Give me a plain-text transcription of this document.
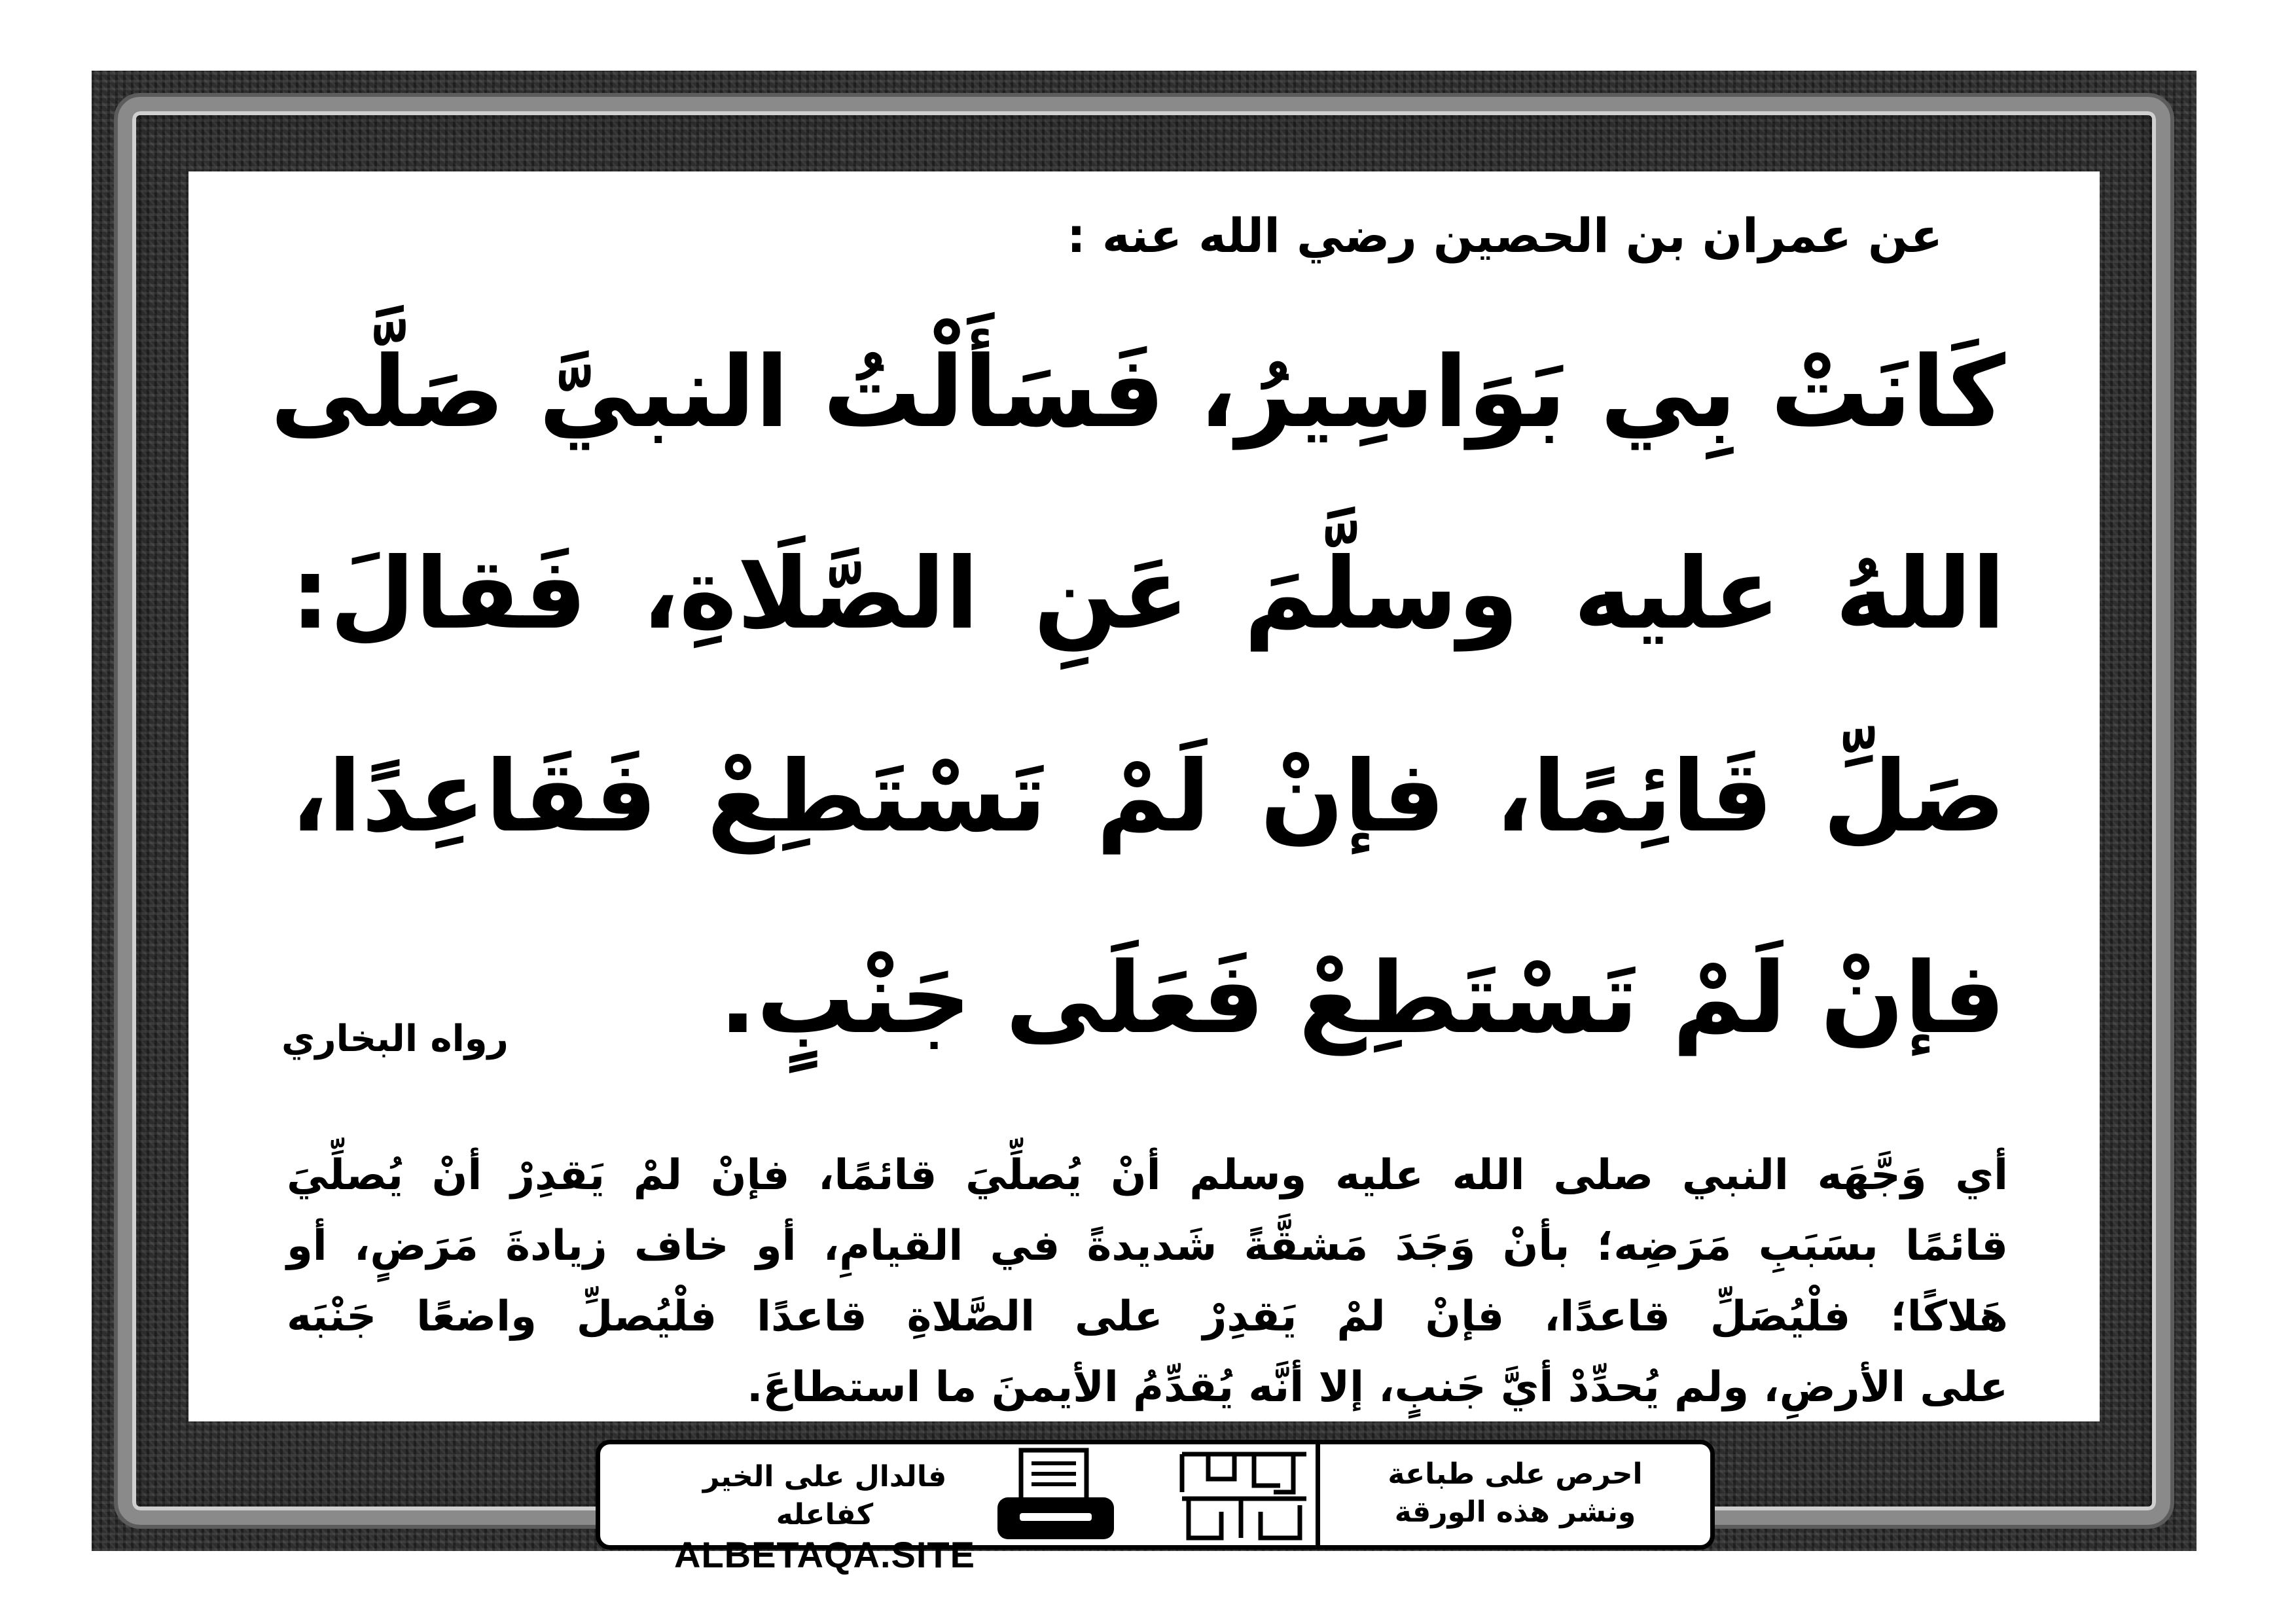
عن عمران بن الحصين رضي الله عنه :
كَانَتْ بِي بَوَاسِيرُ، فَسَأَلْتُ النبيَّ صَلَّى
اللهُ عليه وسلَّمَ عَنِ الصَّلَاةِ، فَقالَ:
صَلِّ قَائِمًا، فإنْ لَمْ تَسْتَطِعْ فَقَاعِدًا،
فإنْ لَمْ تَسْتَطِعْ فَعَلَى جَنْبٍ.
رواه البخاري
أي وَجَّهَه النبي صلى الله عليه وسلم أنْ يُصلِّيَ قائمًا، فإنْ لمْ يَقدِرْ أنْ يُصلِّيَ
قائمًا بسَبَبِ مَرَضِه؛ بأنْ وَجَدَ مَشقَّةً شَديدةً في القيامِ، أو خاف زيادةَ مَرَضٍ، أو
هَلاكًا؛ فلْيُصَلِّ قاعدًا، فإنْ لمْ يَقدِرْ على الصَّلاةِ قاعدًا فلْيُصلِّ واضعًا جَنْبَه
على الأرضِ، ولم يُحدِّدْ أيَّ جَنبٍ، إلا أنَّه يُقدِّمُ الأيمنَ ما استطاعَ.
فالدال على الخير كفاعله
ALBETAQA.SITE
احرص على طباعة
ونشر هذه الورقة
